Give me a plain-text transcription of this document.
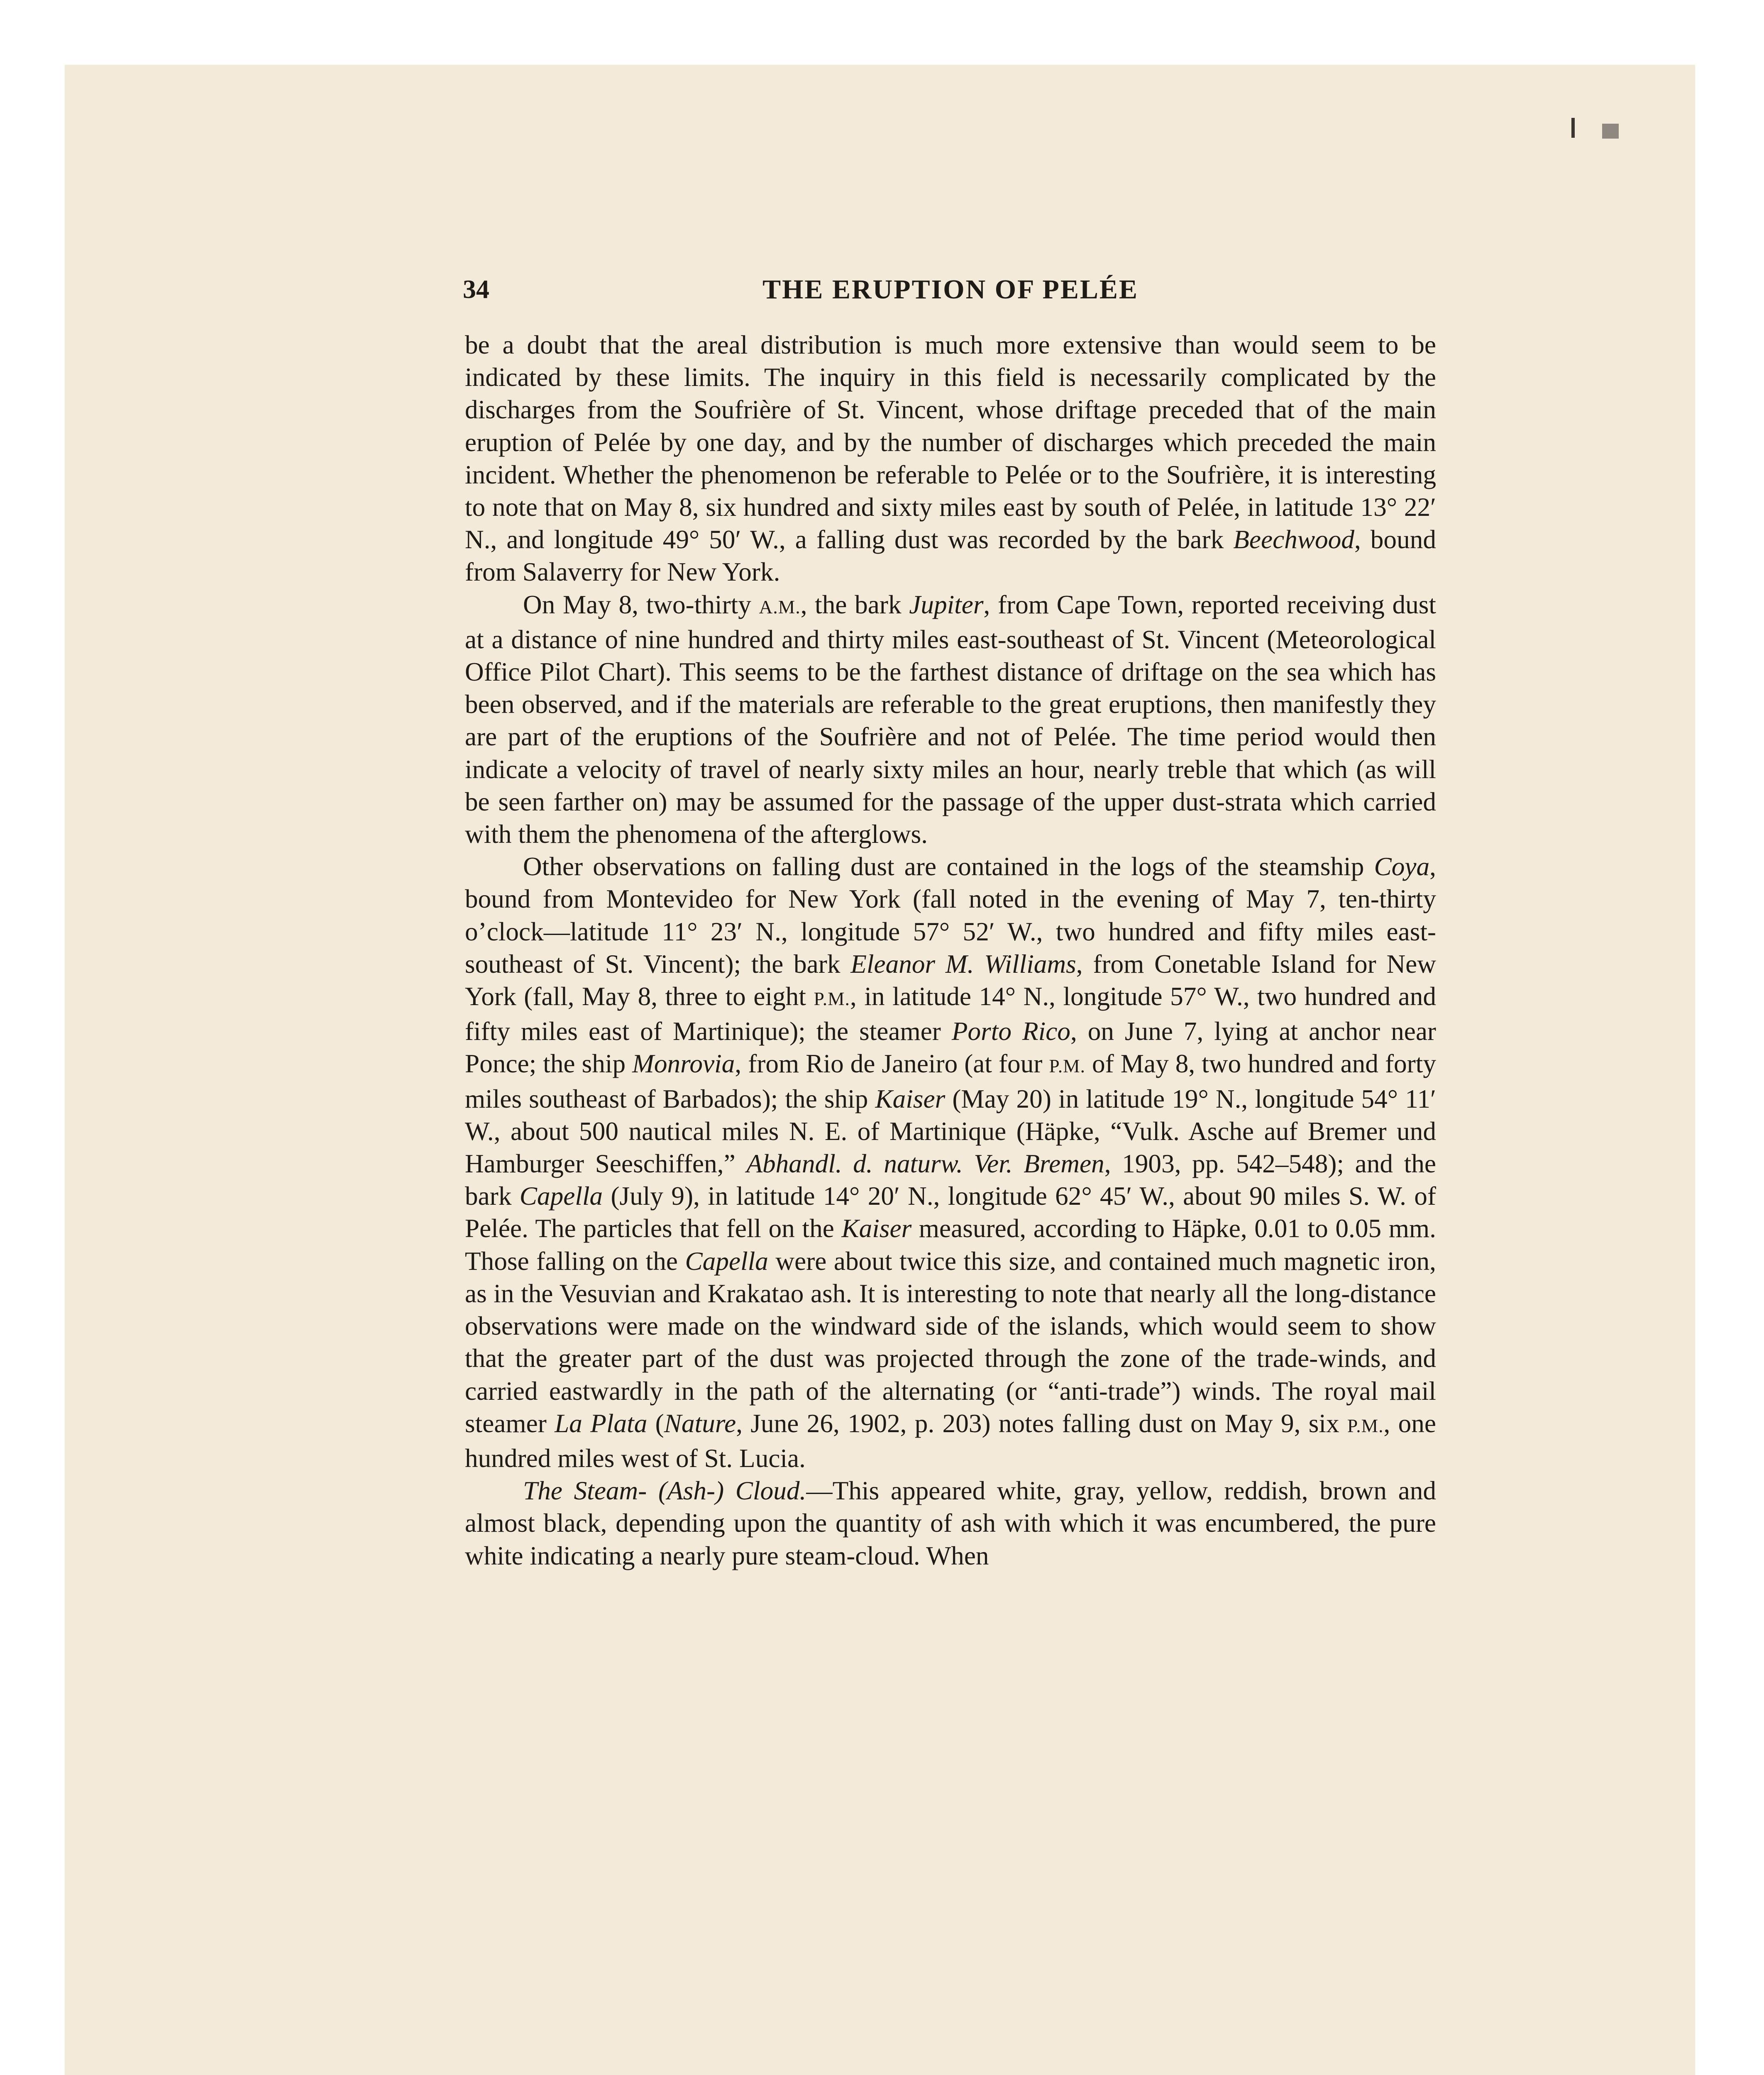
34	THE ERUPTION OF PELÉE

be a doubt that the areal distribution is much more extensive than would seem to be indicated by these limits. The inquiry in this field is necessarily complicated by the discharges from the Soufrière of St. Vincent, whose driftage preceded that of the main eruption of Pelée by one day, and by the number of discharges which preceded the main incident. Whether the phenomenon be referable to Pelée or to the Soufrière, it is interesting to note that on May 8, six hundred and sixty miles east by south of Pelée, in latitude 13° 22′ N., and longitude 49° 50′ W., a falling dust was recorded by the bark Beechwood, bound from Salaverry for New York.

On May 8, two-thirty A.M., the bark Jupiter, from Cape Town, reported receiving dust at a distance of nine hundred and thirty miles east-southeast of St. Vincent (Meteorological Office Pilot Chart). This seems to be the farthest distance of driftage on the sea which has been observed, and if the materials are referable to the great eruptions, then manifestly they are part of the eruptions of the Soufrière and not of Pelée. The time period would then indicate a velocity of travel of nearly sixty miles an hour, nearly treble that which (as will be seen farther on) may be assumed for the passage of the upper dust-strata which carried with them the phenomena of the afterglows.

Other observations on falling dust are contained in the logs of the steamship Coya, bound from Montevideo for New York (fall noted in the evening of May 7, ten-thirty o’clock—latitude 11° 23′ N., longitude 57° 52′ W., two hundred and fifty miles east-southeast of St. Vincent); the bark Eleanor M. Williams, from Conetable Island for New York (fall, May 8, three to eight P.M., in latitude 14° N., longitude 57° W., two hundred and fifty miles east of Martinique); the steamer Porto Rico, on June 7, lying at anchor near Ponce; the ship Monrovia, from Rio de Janeiro (at four P.M. of May 8, two hundred and forty miles southeast of Barbados); the ship Kaiser (May 20) in latitude 19° N., longitude 54° 11′ W., about 500 nautical miles N. E. of Martinique (Häpke, “Vulk. Asche auf Bremer und Hamburger Seeschiffen,” Abhandl. d. naturw. Ver. Bremen, 1903, pp. 542–548); and the bark Capella (July 9), in latitude 14° 20′ N., longitude 62° 45′ W., about 90 miles S. W. of Pelée. The particles that fell on the Kaiser measured, according to Häpke, 0.01 to 0.05 mm. Those falling on the Capella were about twice this size, and contained much magnetic iron, as in the Vesuvian and Krakatao ash. It is interesting to note that nearly all the long-distance observations were made on the windward side of the islands, which would seem to show that the greater part of the dust was projected through the zone of the trade-winds, and carried eastwardly in the path of the alternating (or “anti-trade”) winds. The royal mail steamer La Plata (Nature, June 26, 1902, p. 203) notes falling dust on May 9, six P.M., one hundred miles west of St. Lucia.

The Steam- (Ash-) Cloud.—This appeared white, gray, yellow, reddish, brown and almost black, depending upon the quantity of ash with which it was encumbered, the pure white indicating a nearly pure steam-cloud. When
